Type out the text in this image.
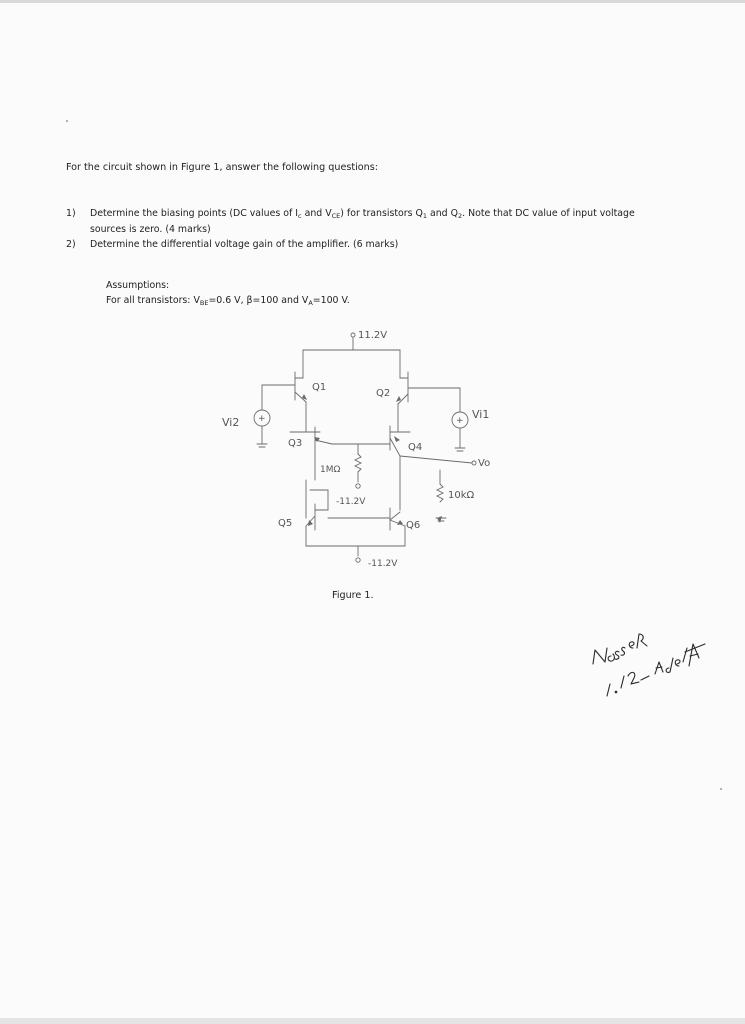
For the circuit shown in Figure 1, answer the following questions:
1)	Determine the biasing points (DC values of $I_c$ and $V_{CE}$) for transistors $Q_1$ and $Q_2$. Note that DC value of input voltage sources is zero. (4 marks)
2)	Determine the differential voltage gain of the amplifier. (6 marks)
Assumptions:
For all transistors: $V_{BE}=0.6$ V, β=100 and $V_A=100$ V.
11.2V
Q1
Q2
Q3	Q4
Q5	Q6
Vi2
Vi1
Vo
1MΩ
-11.2V
10kΩ
-11.2V
+	+
Figure 1.
